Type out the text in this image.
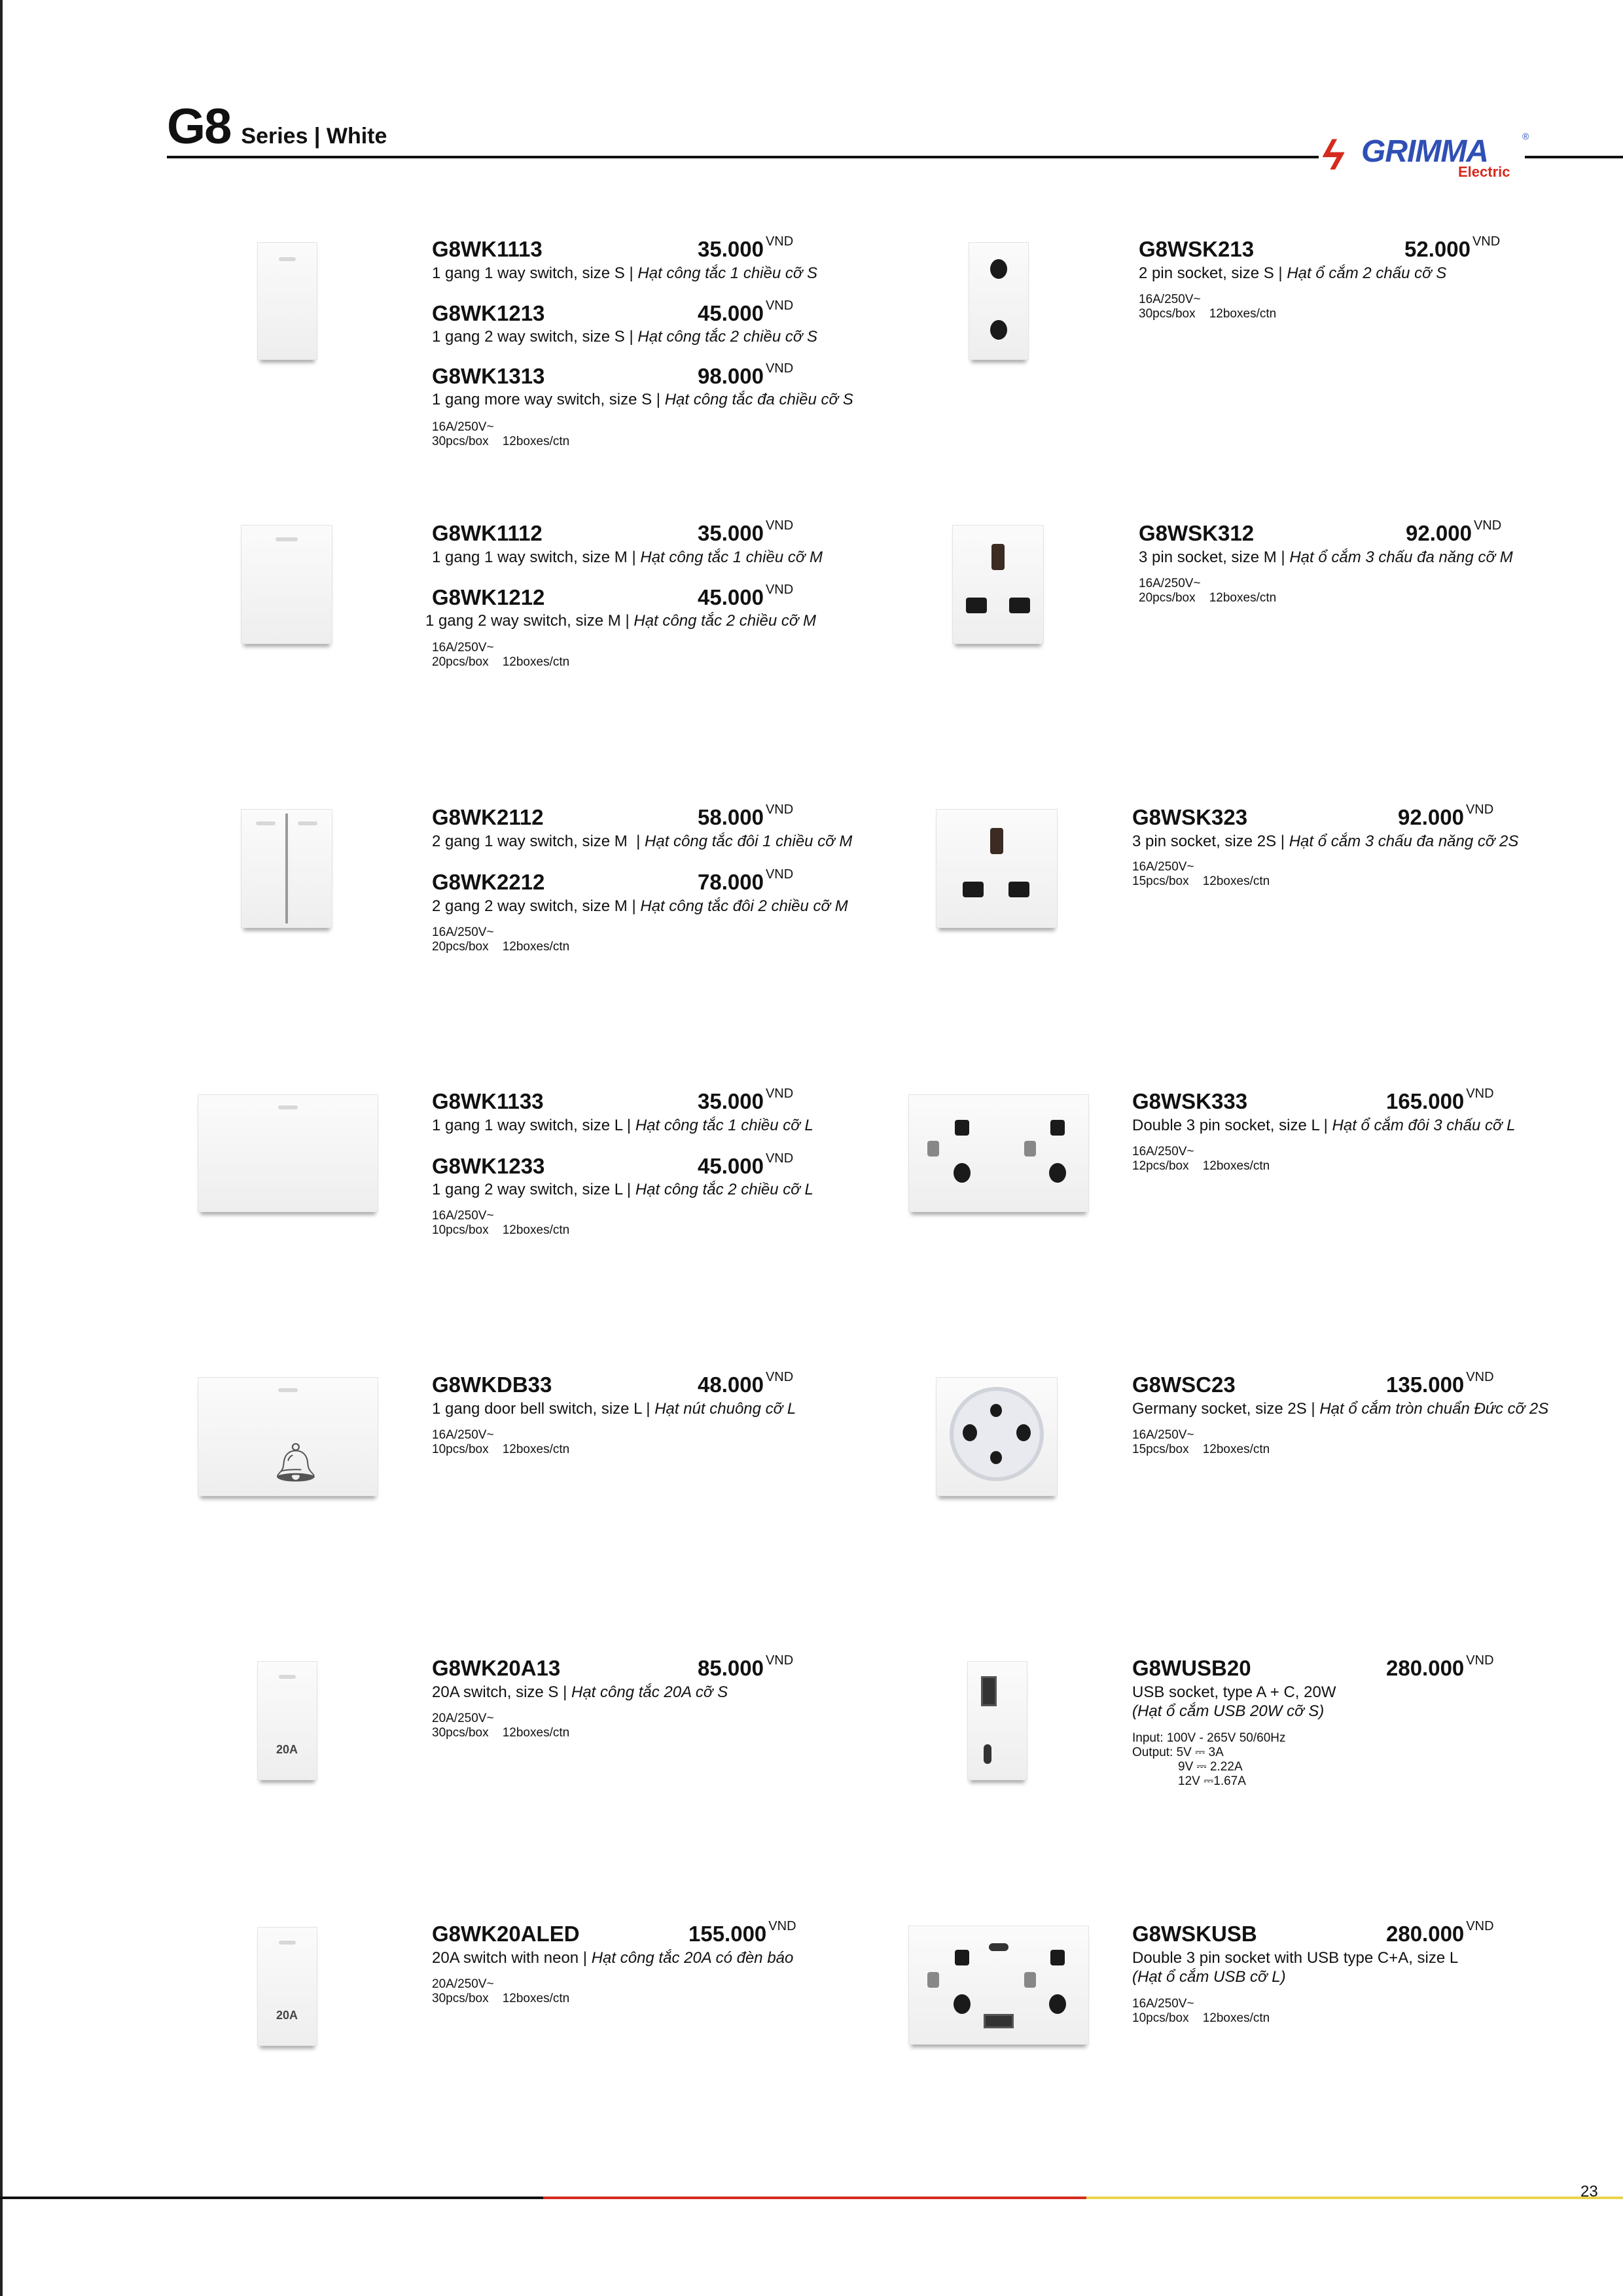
G8 Series | White	ϟ GRIMMA	®
Electric
G8WK1113	35.000 $^{VND}$
1 gang 1 way switch, size S | Hạt công tắc 1 chiều cỡ S
G8WK1213	45.000 $^{VND}$
1 gang 2 way switch, size S | Hạt công tắc 2 chiều cỡ S
G8WK1313	98.000 $^{VND}$
1 gang more way switch, size S | Hạt công tắc đa chiều cỡ S
16A/250V~
30pcs/box    12boxes/ctn
G8WSK213	52.000 $^{VND}$
2 pin socket, size S | Hạt ổ cắm 2 chấu cỡ S
16A/250V~
30pcs/box    12boxes/ctn
G8WK1112	35.000 $^{VND}$
1 gang 1 way switch, size M | Hạt công tắc 1 chiều cỡ M
G8WK1212	45.000 $^{VND}$
1 gang 2 way switch, size M | Hạt công tắc 2 chiều cỡ M
16A/250V~
20pcs/box    12boxes/ctn
G8WSK312	92.000 $^{VND}$
3 pin socket, size M | Hạt ổ cắm 3 chấu đa năng cỡ M
16A/250V~
20pcs/box    12boxes/ctn
G8WK2112	58.000 $^{VND}$
2 gang 1 way switch, size M  | Hạt công tắc đôi 1 chiều cỡ M
G8WK2212	78.000 $^{VND}$
2 gang 2 way switch, size M | Hạt công tắc đôi 2 chiều cỡ M
16A/250V~
20pcs/box    12boxes/ctn
G8WSK323	92.000 $^{VND}$
3 pin socket, size 2S | Hạt ổ cắm 3 chấu đa năng cỡ 2S
16A/250V~
15pcs/box    12boxes/ctn
G8WK1133	35.000 $^{VND}$
1 gang 1 way switch, size L | Hạt công tắc 1 chiều cỡ L
G8WK1233	45.000 $^{VND}$
1 gang 2 way switch, size L | Hạt công tắc 2 chiều cỡ L
16A/250V~
10pcs/box    12boxes/ctn
G8WSK333	165.000 $^{VND}$
Double 3 pin socket, size L | Hạt ổ cắm đôi 3 chấu cỡ L
16A/250V~
12pcs/box    12boxes/ctn
🔔︎
G8WKDB33	48.000 $^{VND}$
1 gang door bell switch, size L | Hạt nút chuông cỡ L
16A/250V~
10pcs/box    12boxes/ctn
G8WSC23	135.000 $^{VND}$
Germany socket, size 2S | Hạt ổ cắm tròn chuẩn Đức cỡ 2S
16A/250V~
15pcs/box    12boxes/ctn
20A
G8WK20A13	85.000 $^{VND}$
20A switch, size S | Hạt công tắc 20A cỡ S
20A/250V~
30pcs/box    12boxes/ctn
G8WUSB20	280.000 $^{VND}$
USB socket, type A + C, 20W
(Hạt ổ cắm USB 20W cỡ S)
Input: 100V - 265V 50/60Hz
Output: 5V ⎓ 3A
9V ⎓ 2.22A
12V ⎓1.67A
20A
G8WK20ALED	155.000 $^{VND}$
20A switch with neon | Hạt công tắc 20A có đèn báo
20A/250V~
30pcs/box    12boxes/ctn
G8WSKUSB	280.000 $^{VND}$
Double 3 pin socket with USB type C+A, size L
(Hạt ổ cắm USB cỡ L)
16A/250V~
10pcs/box    12boxes/ctn
23
